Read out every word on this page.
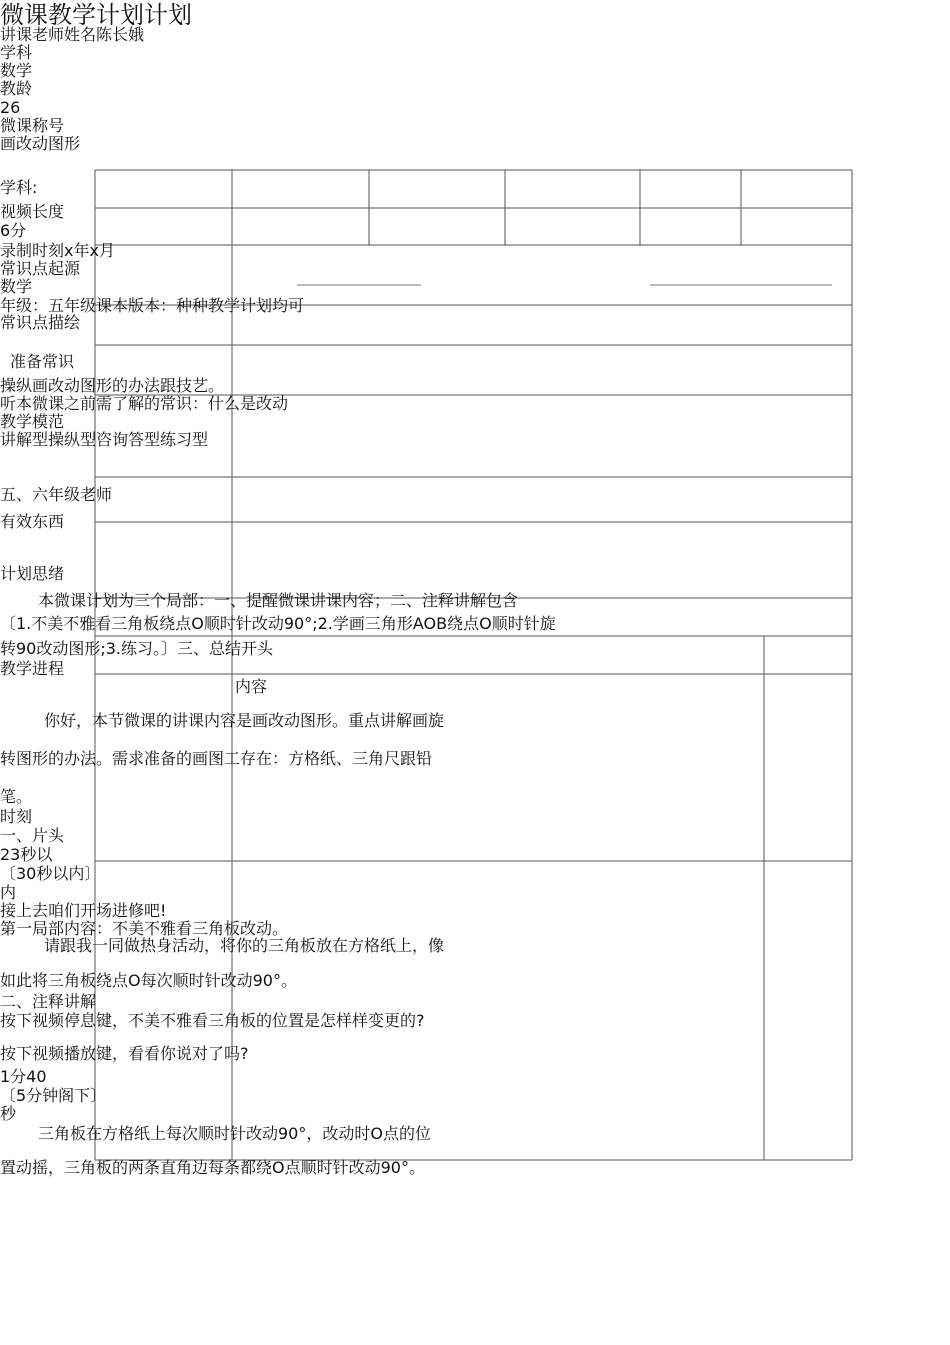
微课教学计划计划
讲课老师姓名陈长娥
学科
数学
教龄
26
微课称号
画改动图形
学科:
视频长度
6分
录制时刻x年x月
常识点起源
数学
年级：五年级课本版本：种种教学计划均可
常识点描绘
准备常识
操纵画改动图形的办法跟技艺。
听本微课之前需了解的常识：什么是改动
教学模范
讲解型操纵型咨询答型练习型
五、六年级老师
有效东西
计划思绪
本微课计划为三个局部：一、提醒微课讲课内容；二、注释讲解包含
〔1.不美不雅看三角板绕点O顺时针改动90°;2.学画三角形AOB绕点O顺时针旋
转90改动图形;3.练习。〕三、总结开头
教学进程
内容
你好，本节微课的讲课内容是画改动图形。重点讲解画旋
转图形的办法。需求准备的画图工存在：方格纸、三角尺跟铅
笔。
时刻
一、片头
23秒以
〔30秒以内〕
内
接上去咱们开场进修吧!
第一局部内容：不美不雅看三角板改动。
请跟我一同做热身活动，将你的三角板放在方格纸上，像
如此将三角板绕点O每次顺时针改动90°。
二、注释讲解
按下视频停息键，不美不雅看三角板的位置是怎样样变更的?
按下视频播放键，看看你说对了吗?
1分40
〔5分钟阁下〕
秒
三角板在方格纸上每次顺时针改动90°，改动时O点的位
置动摇，三角板的两条直角边每条都绕O点顺时针改动90°。
